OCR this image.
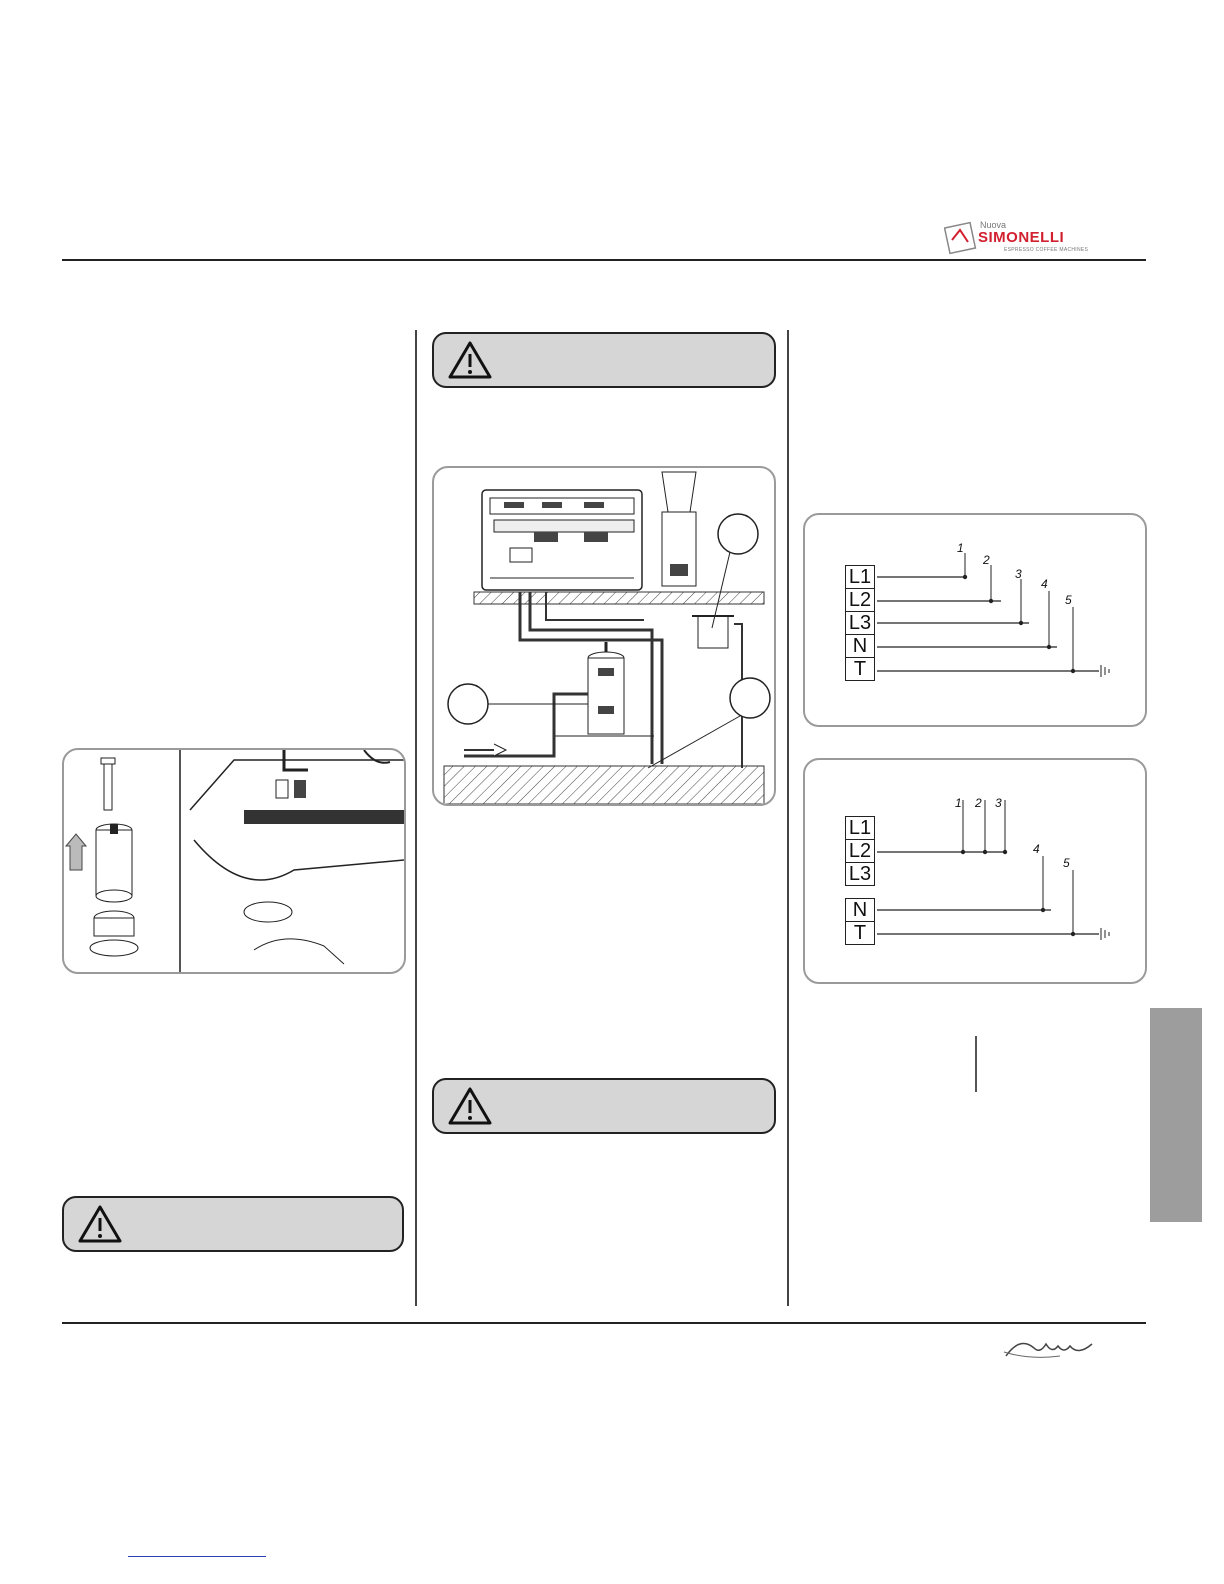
Nuova
SIMONELLI
ESPRESSO COFFEE MACHINES
L1
L2
L3
N
T
1
2
3
4
5
L1
L2
L3
N
T
1 2 3
4
5
